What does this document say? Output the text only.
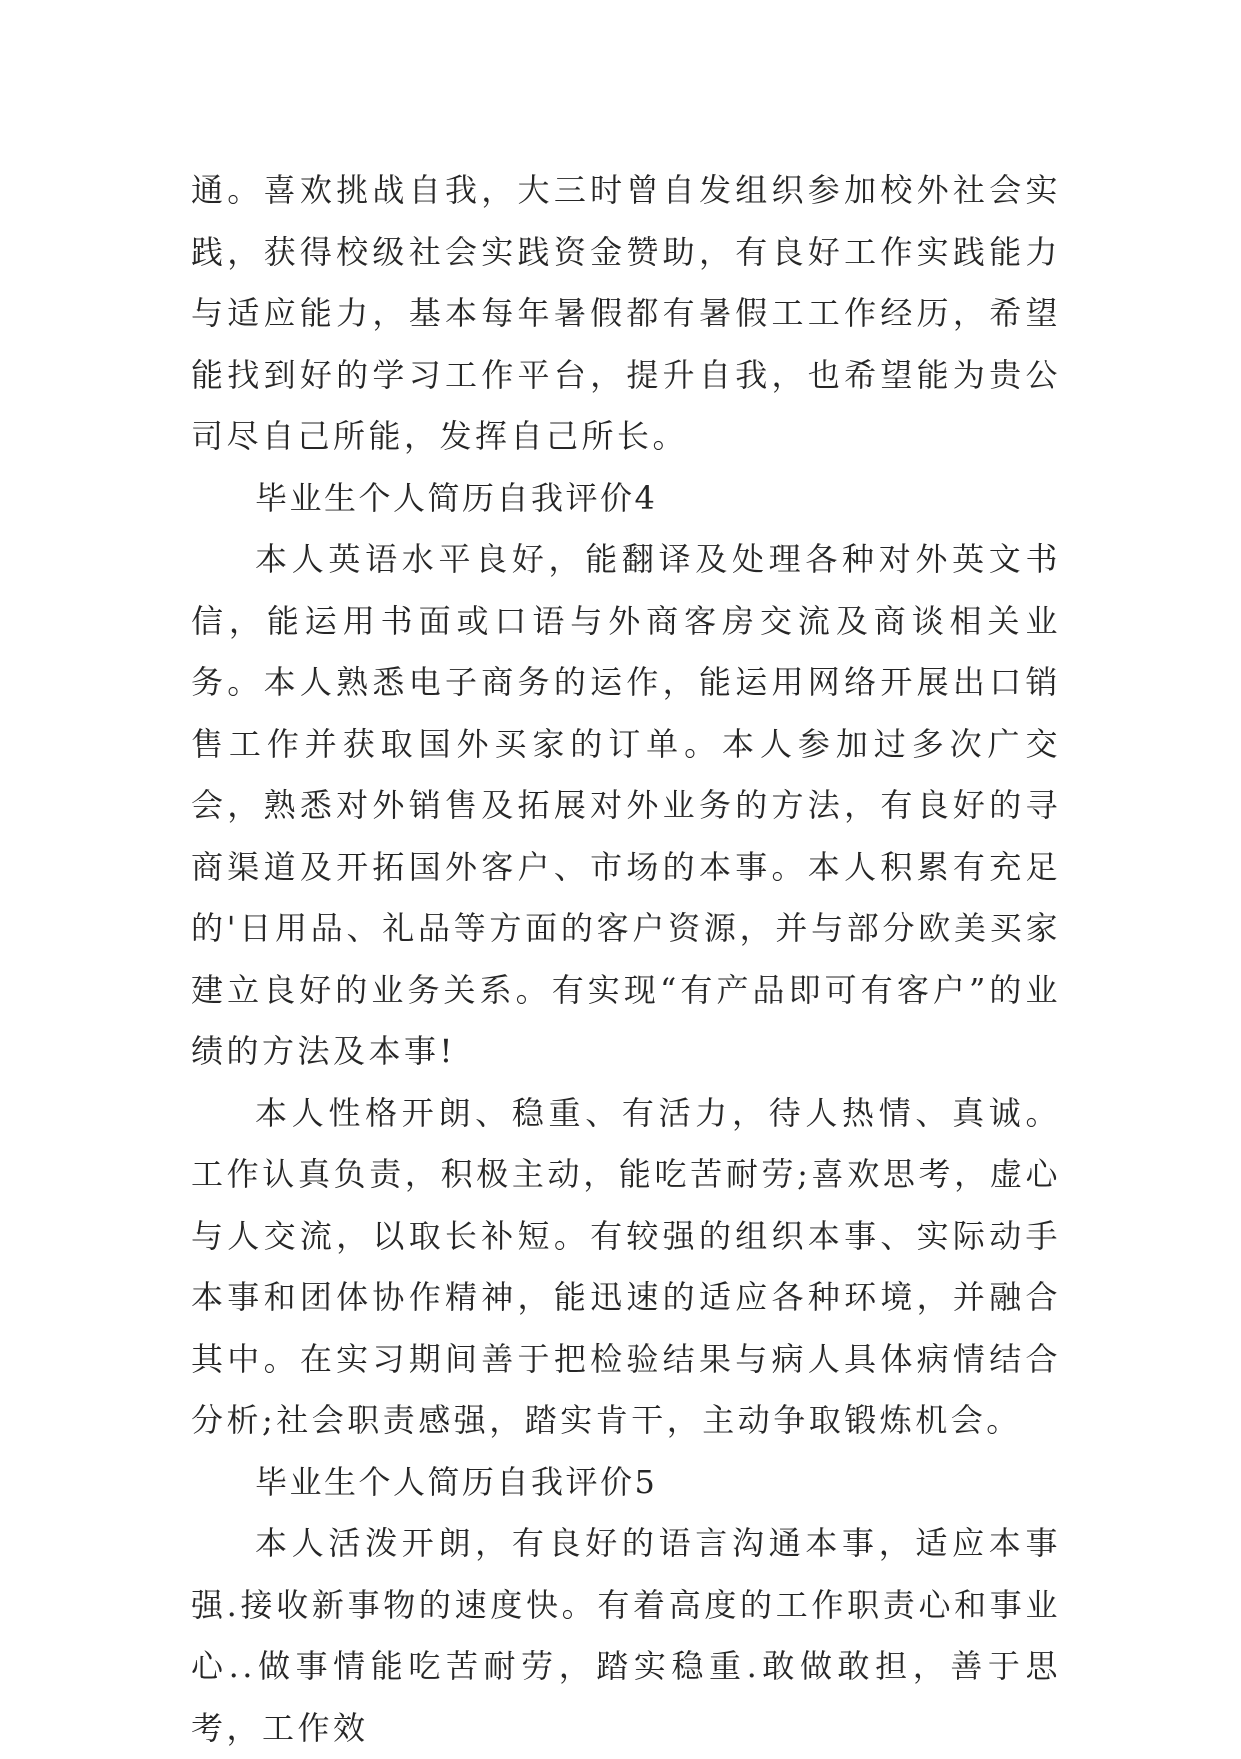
通。喜欢挑战自我，大三时曾自发组织参加校外社会实践，获得校级社会实践资金赞助，有良好工作实践能力与适应能力，基本每年暑假都有暑假工工作经历，希望能找到好的学习工作平台，提升自我，也希望能为贵公司尽自己所能，发挥自己所长。

毕业生个人简历自我评价4

本人英语水平良好，能翻译及处理各种对外英文书信，能运用书面或口语与外商客房交流及商谈相关业务。本人熟悉电子商务的运作，能运用网络开展出口销售工作并获取国外买家的订单。本人参加过多次广交会，熟悉对外销售及拓展对外业务的方法，有良好的寻商渠道及开拓国外客户、市场的本事。本人积累有充足的'日用品、礼品等方面的客户资源，并与部分欧美买家建立良好的业务关系。有实现“有产品即可有客户”的业绩的方法及本事!

本人性格开朗、稳重、有活力，待人热情、真诚。工作认真负责，积极主动，能吃苦耐劳;喜欢思考，虚心与人交流，以取长补短。有较强的组织本事、实际动手本事和团体协作精神，能迅速的适应各种环境，并融合其中。在实习期间善于把检验结果与病人具体病情结合分析;社会职责感强，踏实肯干，主动争取锻炼机会。

毕业生个人简历自我评价5

本人活泼开朗，有良好的语言沟通本事，适应本事强.接收新事物的速度快。有着高度的工作职责心和事业心..做事情能吃苦耐劳，踏实稳重.敢做敢担，善于思考，工作效
